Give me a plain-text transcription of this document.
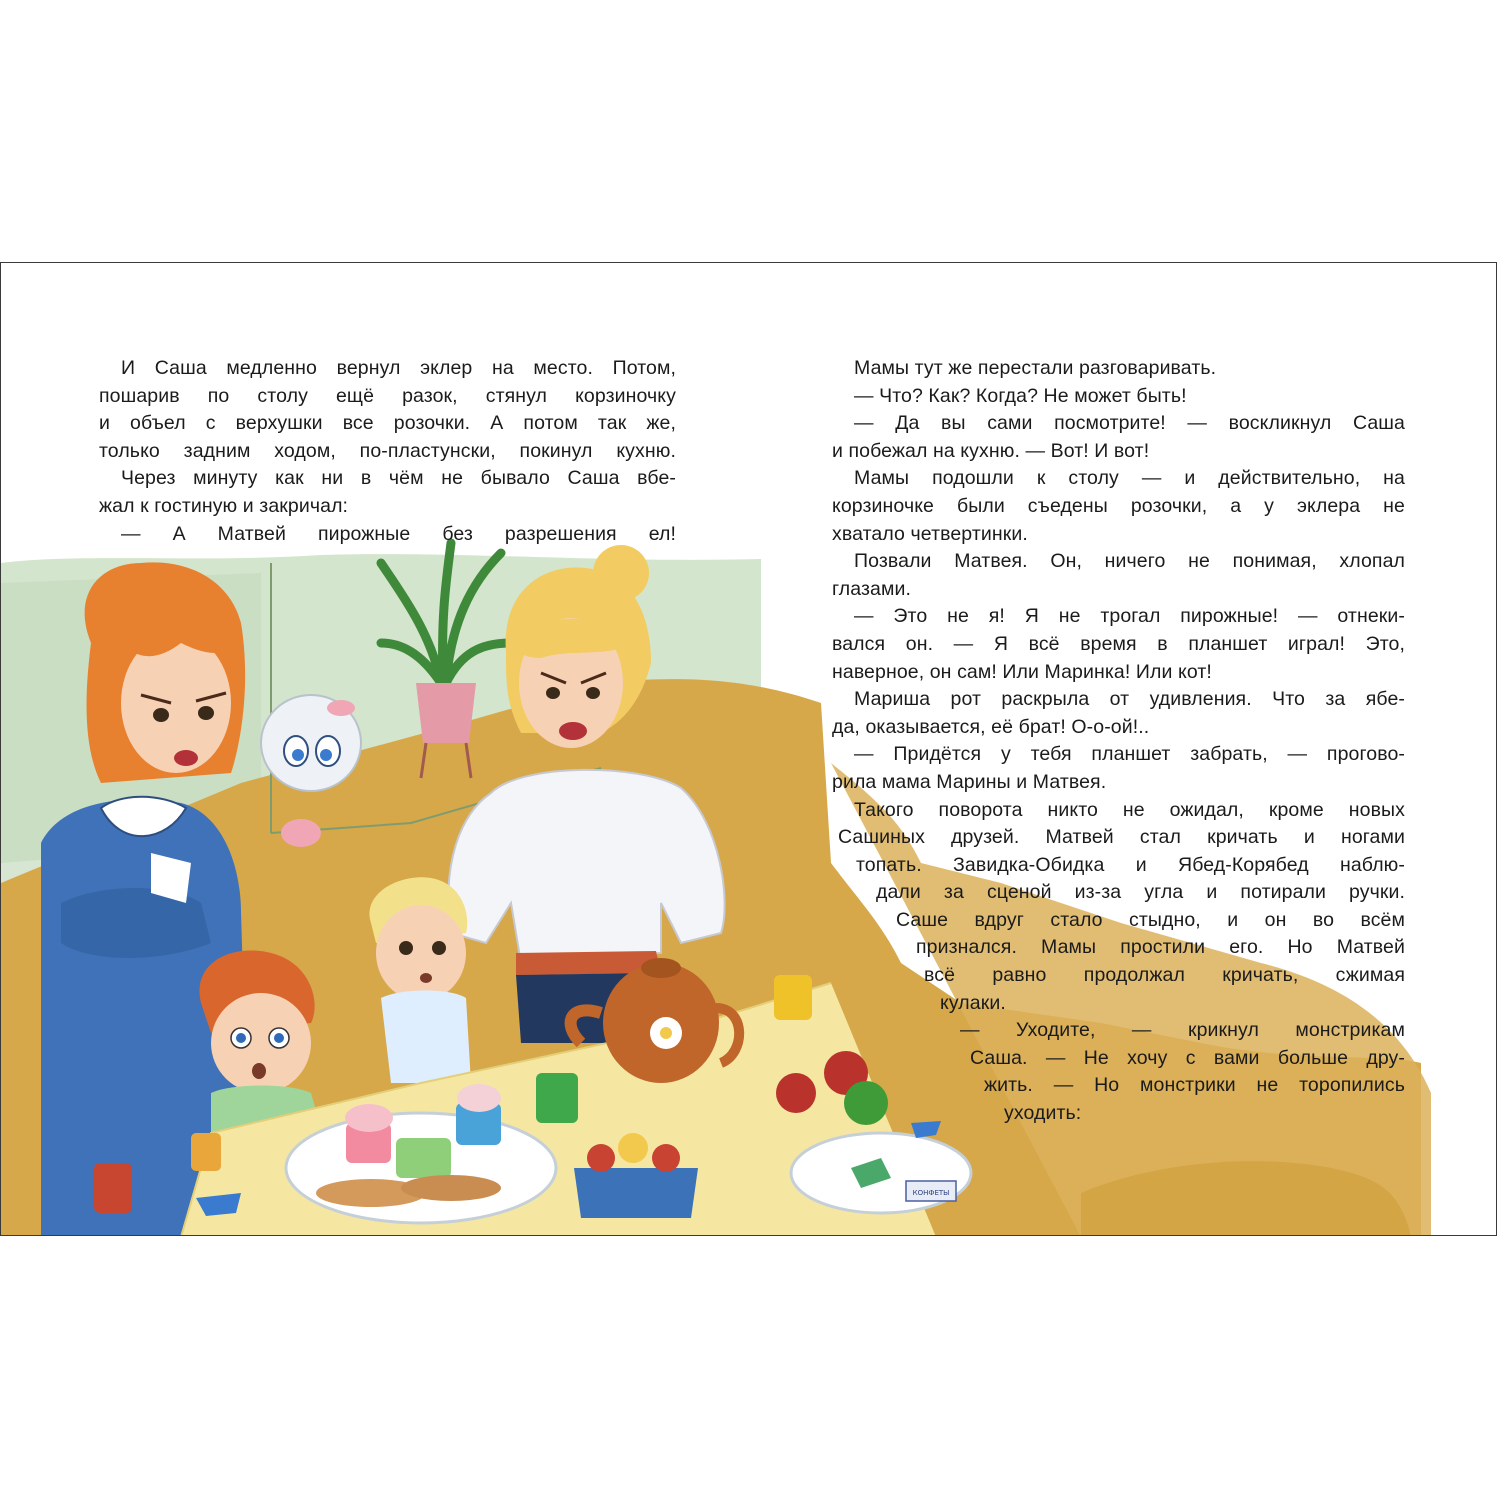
КОНФЕТЫ
И Саша медленно вернул эклер на место. Потом,
пошарив по столу ещё разок, стянул корзиночку
и объел с верхушки все розочки. А потом так же,
только задним ходом, по-пластунски, покинул кухню.
Через минуту как ни в чём не бывало Саша вбе-
жал к гостиную и закричал:
— А Матвей пирожные без разрешения ел!
Мамы тут же перестали разговаривать.
— Что? Как? Когда? Не может быть!
— Да вы сами посмотрите! — воскликнул Саша
и побежал на кухню. — Вот! И вот!
Мамы подошли к столу — и действительно, на
корзиночке были съедены розочки, а у эклера не
хватало четвертинки.
Позвали Матвея. Он, ничего не понимая, хлопал
глазами.
— Это не я! Я не трогал пирожные! — отнеки-
вался он. — Я всё время в планшет играл! Это,
наверное, он сам! Или Маринка! Или кот!
Мариша рот раскрыла от удивления. Что за ябе-
да, оказывается, её брат! О-о-ой!..
— Придётся у тебя планшет забрать, — прогово-
рила мама Марины и Матвея.
Такого поворота никто не ожидал, кроме новых
Сашиных друзей. Матвей стал кричать и ногами
топать. Завидка-Обидка и Ябед-Корябед наблю-
дали за сценой из-за угла и потирали ручки.
Саше вдруг стало стыдно, и он во всём
признался. Мамы простили его. Но Матвей
всё равно продолжал кричать, сжимая
кулаки.
— Уходите, — крикнул монстрикам
Саша. — Не хочу с вами больше дру-
жить. — Но монстрики не торопились
уходить:
